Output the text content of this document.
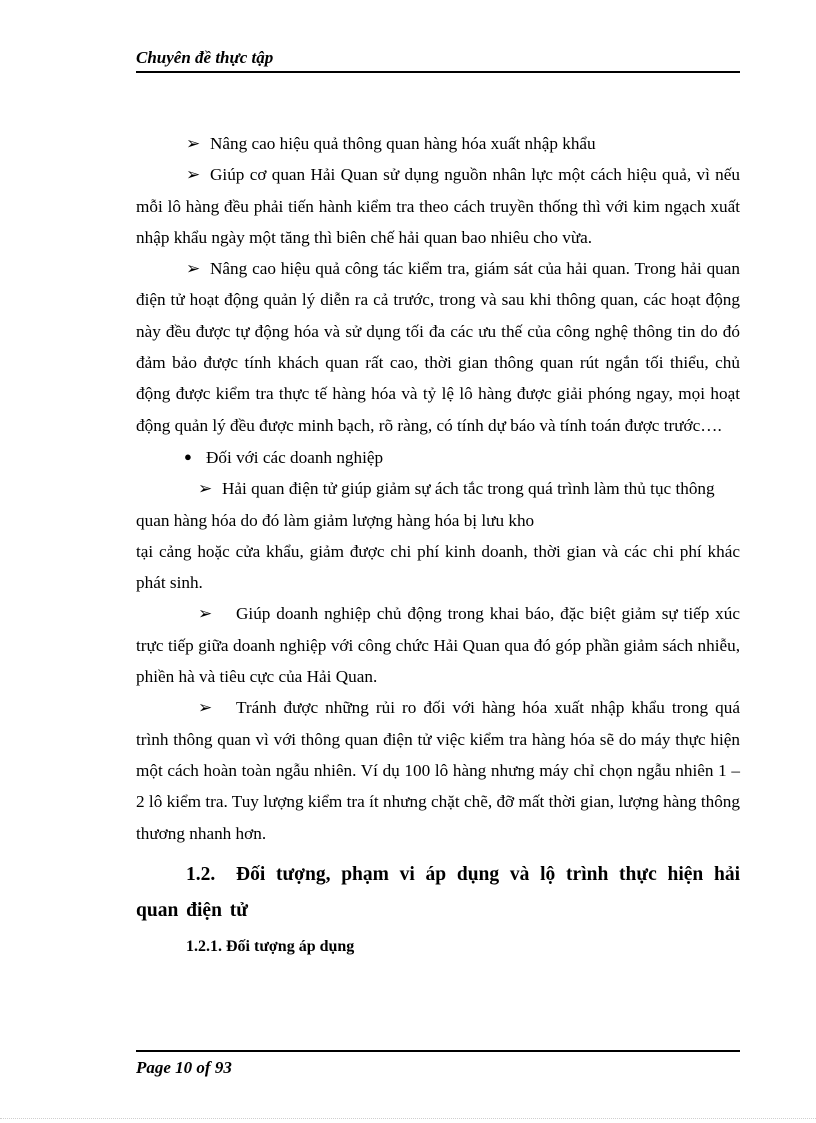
Chuyên đề thực tập

➢ Nâng cao hiệu quả thông quan hàng hóa xuất nhập khẩu

➢ Giúp cơ quan Hải Quan sử dụng nguồn nhân lực một cách hiệu quả, vì nếu mỗi lô hàng đều phải tiến hành kiểm tra theo cách truyền thống thì với kim ngạch xuất nhập khẩu ngày một tăng thì biên chế hải quan bao nhiêu cho vừa.

➢ Nâng cao hiệu quả công tác kiểm tra, giám sát của hải quan. Trong hải quan điện tử hoạt động quản lý diễn ra cả trước, trong và sau khi thông quan, các hoạt động này đều được tự động hóa và sử dụng tối đa các ưu thế của công nghệ thông tin do đó đảm bảo được tính khách quan rất cao, thời gian thông quan rút ngắn tối thiểu, chủ động được kiểm tra thực tế hàng hóa và tỷ lệ lô hàng được giải phóng ngay, mọi hoạt động quản lý đều được minh bạch, rõ ràng, có tính dự báo và tính toán được trước….

● Đối với các doanh nghiệp

➢ Hải quan điện tử giúp giảm sự ách tắc trong quá trình làm thủ tục thông quan hàng hóa do đó làm giảm lượng hàng hóa bị lưu kho

tại cảng hoặc cửa khẩu, giảm được chi phí kinh doanh, thời gian và các chi phí khác phát sinh.

➢ Giúp doanh nghiệp chủ động trong khai báo, đặc biệt giảm sự tiếp xúc trực tiếp giữa doanh nghiệp với công chức Hải Quan qua đó góp phần giảm sách nhiễu, phiền hà và tiêu cực của Hải Quan.

➢ Tránh được những rủi ro đối với hàng hóa xuất nhập khẩu trong quá trình thông quan vì với thông quan điện tử việc kiểm tra hàng hóa sẽ do máy thực hiện một cách hoàn toàn ngẫu nhiên. Ví dụ 100 lô hàng nhưng máy chỉ chọn ngẫu nhiên 1 – 2 lô kiểm tra. Tuy lượng kiểm tra ít nhưng chặt chẽ, đỡ mất thời gian, lượng hàng thông thương nhanh hơn.

1.2. Đối tượng, phạm vi áp dụng và lộ trình thực hiện hải quan điện tử

1.2.1. Đối tượng áp dụng

Page 10 of 93
